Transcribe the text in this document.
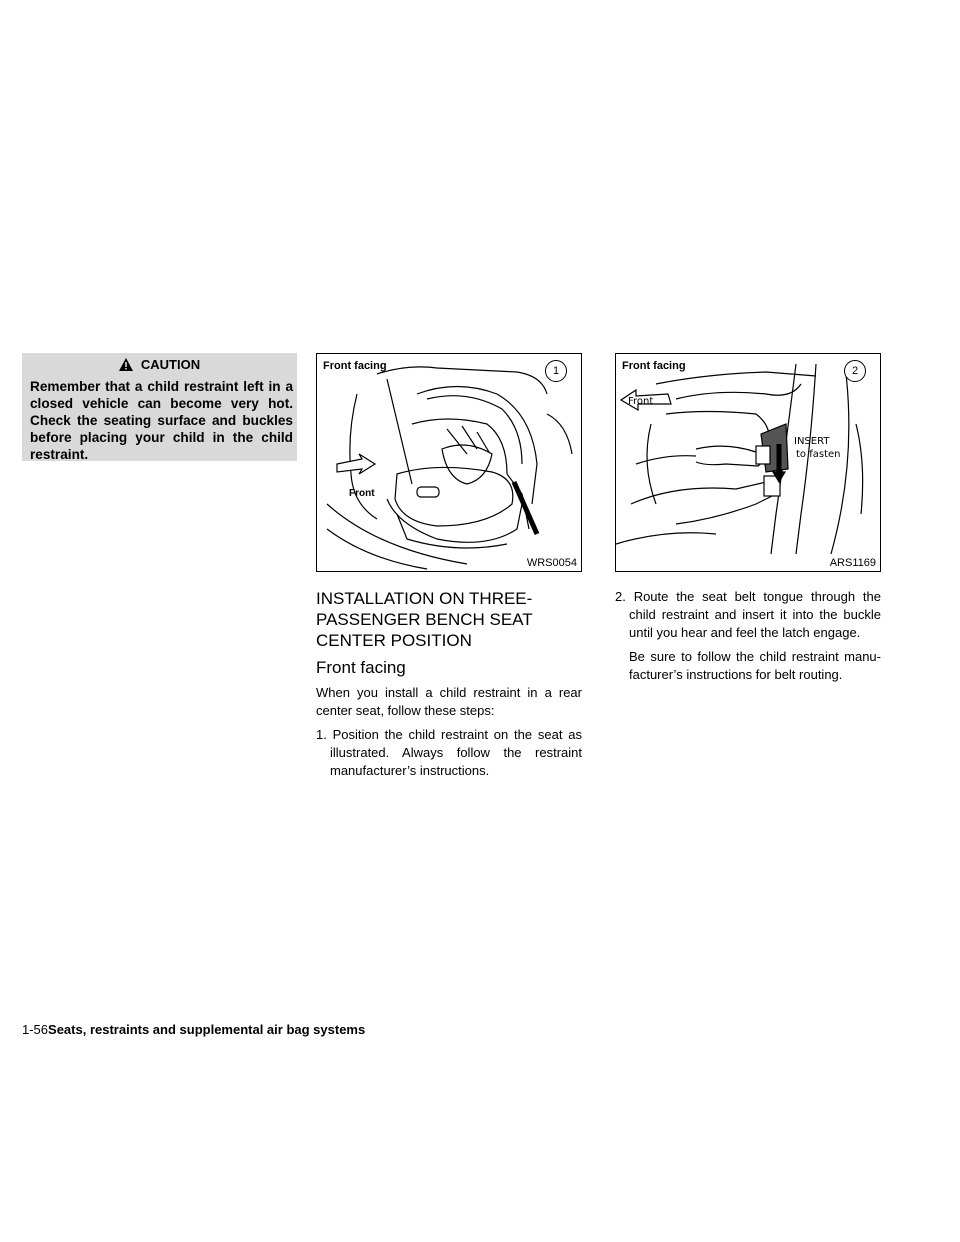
CAUTION
Remember that a child restraint left in a closed vehicle can become very hot. Check the seating surface and buckles before placing your child in the child restraint.
Front facing	1
Front
WRS0054
Front facing	2
Front
INSERT
to fasten
ARS1169
INSTALLATION ON THREE-PASSENGER BENCH SEAT CENTER POSITION
Front facing

When you install a child restraint in a rear center seat, follow these steps:

1. Position the child restraint on the seat as illustrated. Always follow the restraint manufacturer’s instructions.

2. Route the seat belt tongue through the child restraint and insert it into the buckle until you hear and feel the latch engage.

Be sure to follow the child restraint manu-facturer’s instructions for belt routing.

1-56Seats, restraints and supplemental air bag systems
